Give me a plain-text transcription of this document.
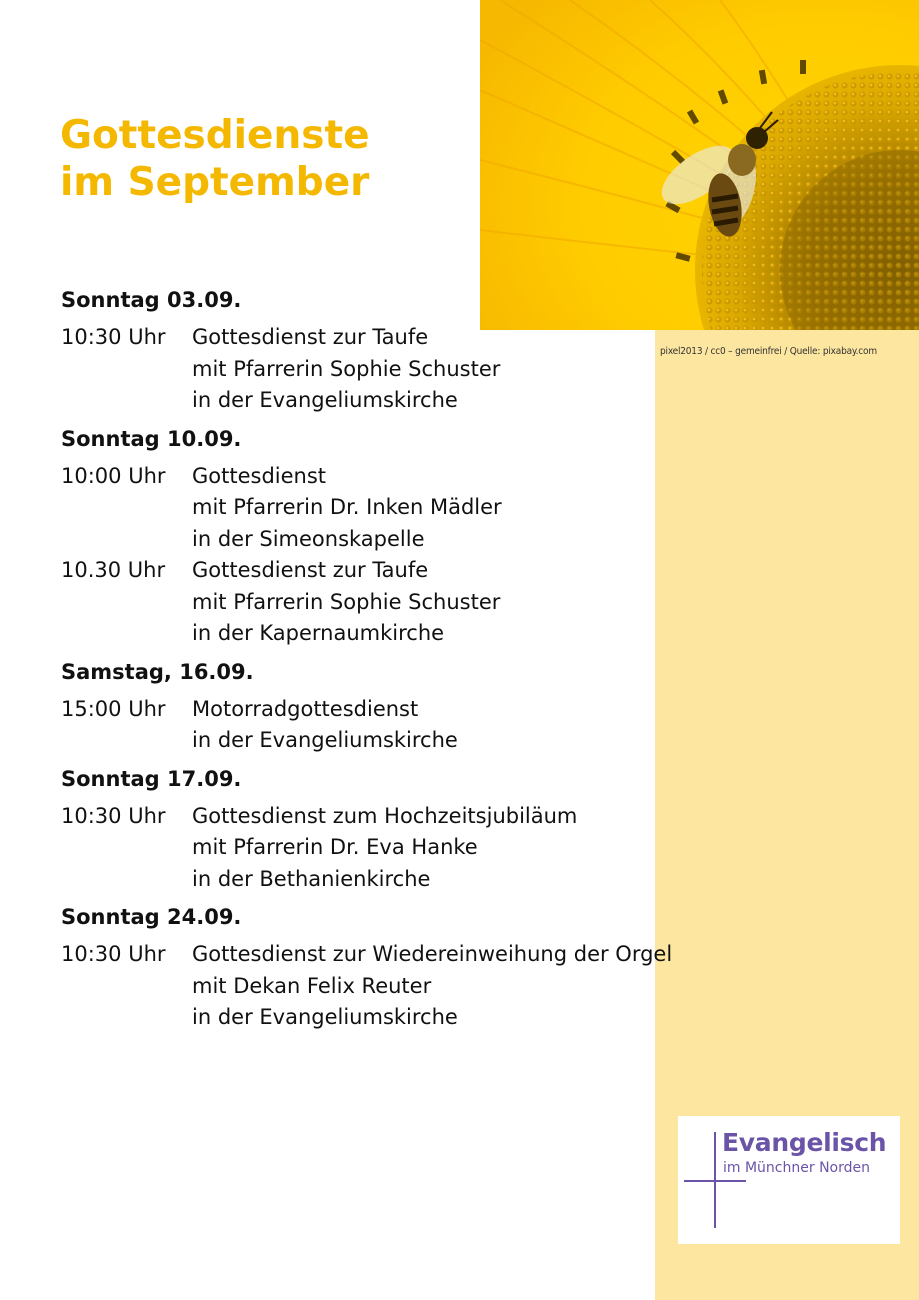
pixel2013 / cc0 – gemeinfrei / Quelle: pixabay.com
Gottesdienste
im September
Sonntag 03.09.
10:30 Uhr	Gottesdienst zur Taufe
mit Pfarrerin Sophie Schuster
in der Evangeliumskirche
Sonntag 10.09.
10:00 Uhr	Gottesdienst
mit Pfarrerin Dr. Inken Mädler
in der Simeonskapelle
10.30 Uhr	Gottesdienst zur Taufe
mit Pfarrerin Sophie Schuster
in der Kapernaumkirche
Samstag, 16.09.
15:00 Uhr	Motorradgottesdienst
in der Evangeliumskirche
Sonntag 17.09.
10:30 Uhr	Gottesdienst zum Hochzeitsjubiläum
mit Pfarrerin Dr. Eva Hanke
in der Bethanienkirche
Sonntag 24.09.
10:30 Uhr	Gottesdienst zur Wiedereinweihung der Orgel
mit Dekan Felix Reuter
in der Evangeliumskirche
Evangelisch
im Münchner Norden
